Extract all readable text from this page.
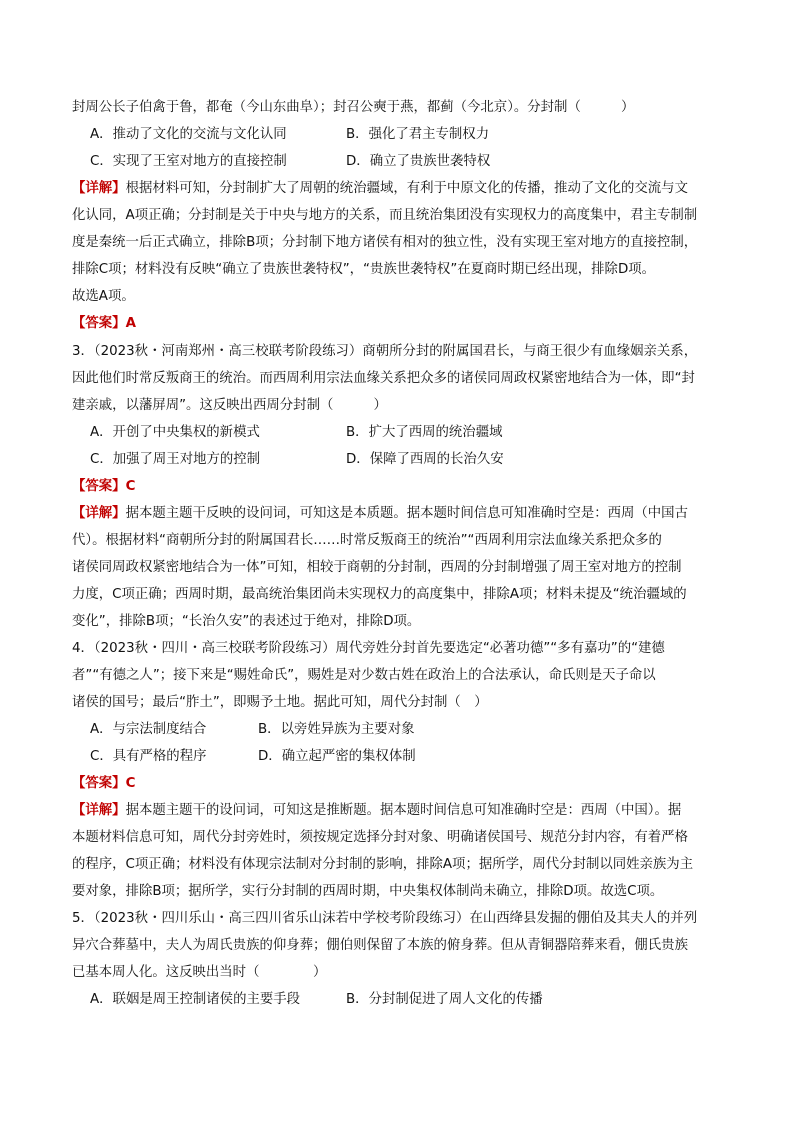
封周公长子伯禽于鲁，都奄（今山东曲阜）；封召公奭于燕，都蓟（今北京）。分封制（　　　）
A．推动了文化的交流与文化认同	B．强化了君主专制权力
C．实现了王室对地方的直接控制	D．确立了贵族世袭特权
【详解】根据材料可知，分封制扩大了周朝的统治疆域，有利于中原文化的传播，推动了文化的交流与文
化认同，A项正确；分封制是关于中央与地方的关系，而且统治集团没有实现权力的高度集中，君主专制制
度是秦统一后正式确立，排除B项；分封制下地方诸侯有相对的独立性，没有实现王室对地方的直接控制，
排除C项；材料没有反映“确立了贵族世袭特权”，“贵族世袭特权”在夏商时期已经出现，排除D项。
故选A项。
【答案】A
3．（2023秋・河南郑州・高三校联考阶段练习）商朝所分封的附属国君长，与商王很少有血缘姻亲关系，
因此他们时常反叛商王的统治。而西周利用宗法血缘关系把众多的诸侯同周政权紧密地结合为一体，即“封
建亲戚，以藩屏周”。这反映出西周分封制（　　　）
A．开创了中央集权的新模式	B．扩大了西周的统治疆域
C．加强了周王对地方的控制	D．保障了西周的长治久安
【答案】C
【详解】据本题主题干反映的设问词，可知这是本质题。据本题时间信息可知准确时空是：西周（中国古
代）。根据材料“商朝所分封的附属国君长……时常反叛商王的统治”“西周利用宗法血缘关系把众多的
诸侯同周政权紧密地结合为一体”可知，相较于商朝的分封制，西周的分封制增强了周王室对地方的控制
力度，C项正确；西周时期，最高统治集团尚未实现权力的高度集中，排除A项；材料未提及“统治疆域的
变化”，排除B项；“长治久安”的表述过于绝对，排除D项。
4．（2023秋・四川・高三校联考阶段练习）周代旁姓分封首先要选定“必著功德”“多有嘉功”的“建德
者”“有德之人”；接下来是“赐姓命氏”，赐姓是对少数古姓在政治上的合法承认，命氏则是天子命以
诸侯的国号；最后“胙土”，即赐予土地。据此可知，周代分封制（　）
A．与宗法制度结合	B．以旁姓异族为主要对象
C．具有严格的程序	D．确立起严密的集权体制
【答案】C
【详解】据本题主题干的设问词，可知这是推断题。据本题时间信息可知准确时空是：西周（中国）。据
本题材料信息可知，周代分封旁姓时，须按规定选择分封对象、明确诸侯国号、规范分封内容，有着严格
的程序，C项正确；材料没有体现宗法制对分封制的影响，排除A项；据所学，周代分封制以同姓亲族为主
要对象，排除B项；据所学，实行分封制的西周时期，中央集权体制尚未确立，排除D项。故选C项。
5．（2023秋・四川乐山・高三四川省乐山沫若中学校考阶段练习）在山西绛县发掘的倗伯及其夫人的并列
异穴合葬墓中，夫人为周氏贵族的仰身葬；倗伯则保留了本族的俯身葬。但从青铜器陪葬来看，倗氏贵族
已基本周人化。这反映出当时（　　　　）
A．联姻是周王控制诸侯的主要手段	B．分封制促进了周人文化的传播
